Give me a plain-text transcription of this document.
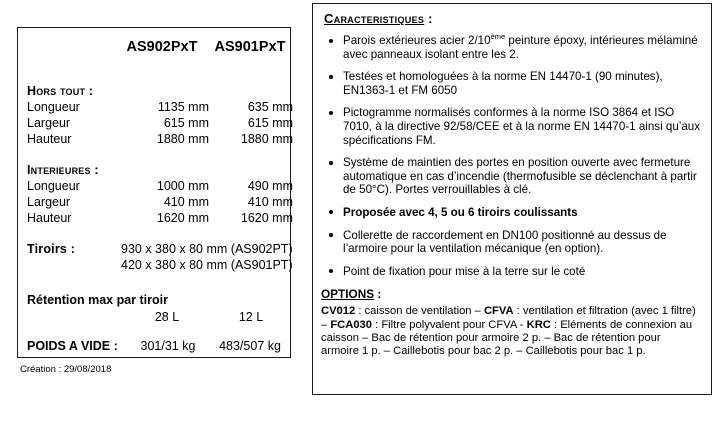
AS902PxT	AS901PxT
Hors tout :
Longueur	1135 mm	635 mm
Largeur	615 mm	615 mm
Hauteur	1880 mm	1880 mm
Interieures :
Longueur	1000 mm	490 mm
Largeur	410 mm	410 mm
Hauteur	1620 mm	1620 mm
Tiroirs :	930 x 380 x 80 mm (AS902PT)
420 x 380 x 80 mm (AS901PT)
Rétention max par tiroir
28 L	12 L
POIDS A VIDE :	301/31 kg	483/507 kg
Création : 29/08/2018
Caracteristiques :
Parois extérieures acier 2/10ème peinture époxy, intérieures mélaminé avec panneaux isolant entre les 2.
Testées et homologuées à la norme EN 14470-1 (90 minutes), EN1363-1 et FM 6050
Pictogramme normalisés conformes à la norme ISO 3864 et ISO 7010, à la directive 92/58/CEE et à la norme EN 14470-1 ainsi qu’aux spécifications FM.
Système de maintien des portes en position ouverte avec fermeture automatique en cas d’incendie (thermofusible se déclenchant à partir de 50°C). Portes verrouillables à clé.
Proposée avec 4, 5 ou 6 tiroirs coulissants
Collerette de raccordement en DN100 positionné au dessus de l’armoire pour la ventilation mécanique (en option).
Point de fixation pour mise à la terre sur le coté
OPTIONS :

CV012 : caisson de ventilation – CFVA : ventilation et filtration (avec 1 filtre) – FCA030 : Filtre polyvalent pour CFVA - KRC : Eléments de connexion au caisson – Bac de rétention pour armoire 2 p. – Bac de rétention pour armoire 1 p. – Caillebotis pour bac 2 p. – Caillebotis pour bac 1 p.
